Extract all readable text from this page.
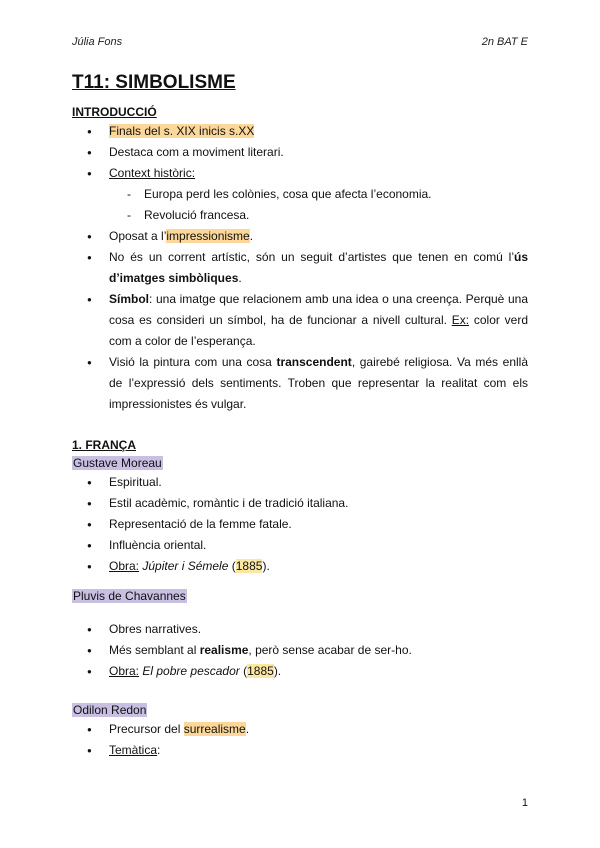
Júlia Fons	2n BAT E
T11: SIMBOLISME
INTRODUCCIÓ
● Finals del s. XIX inicis s.XX
● Destaca com a moviment literari.
● Context històric:
- Europa perd les colònies, cosa que afecta l’economia.
- Revolució francesa.
● Oposat a l’impressionisme.
● No és un corrent artístic, són un seguit d’artistes que tenen en comú l’ús d’imatges simbòliques.
● Símbol: una imatge que relacionem amb una idea o una creença. Perquè una cosa es consideri un símbol, ha de funcionar a nivell cultural. Ex: color verd com a color de l’esperança.
● Visió la pintura com una cosa transcendent, gairebé religiosa. Va més enllà de l’expressió dels sentiments. Troben que representar la realitat com els impressionistes és vulgar.
1. FRANÇA
Gustave Moreau
● Espiritual.
● Estil acadèmic, romàntic i de tradició italiana.
● Representació de la femme fatale.
● Influència oriental.
● Obra: Júpiter i Sémele (1885).
Pluvis de Chavannes
● Obres narratives.
● Més semblant al realisme, però sense acabar de ser-ho.
● Obra: El pobre pescador (1885).
Odilon Redon
● Precursor del surrealisme.
● Temàtica:
1
